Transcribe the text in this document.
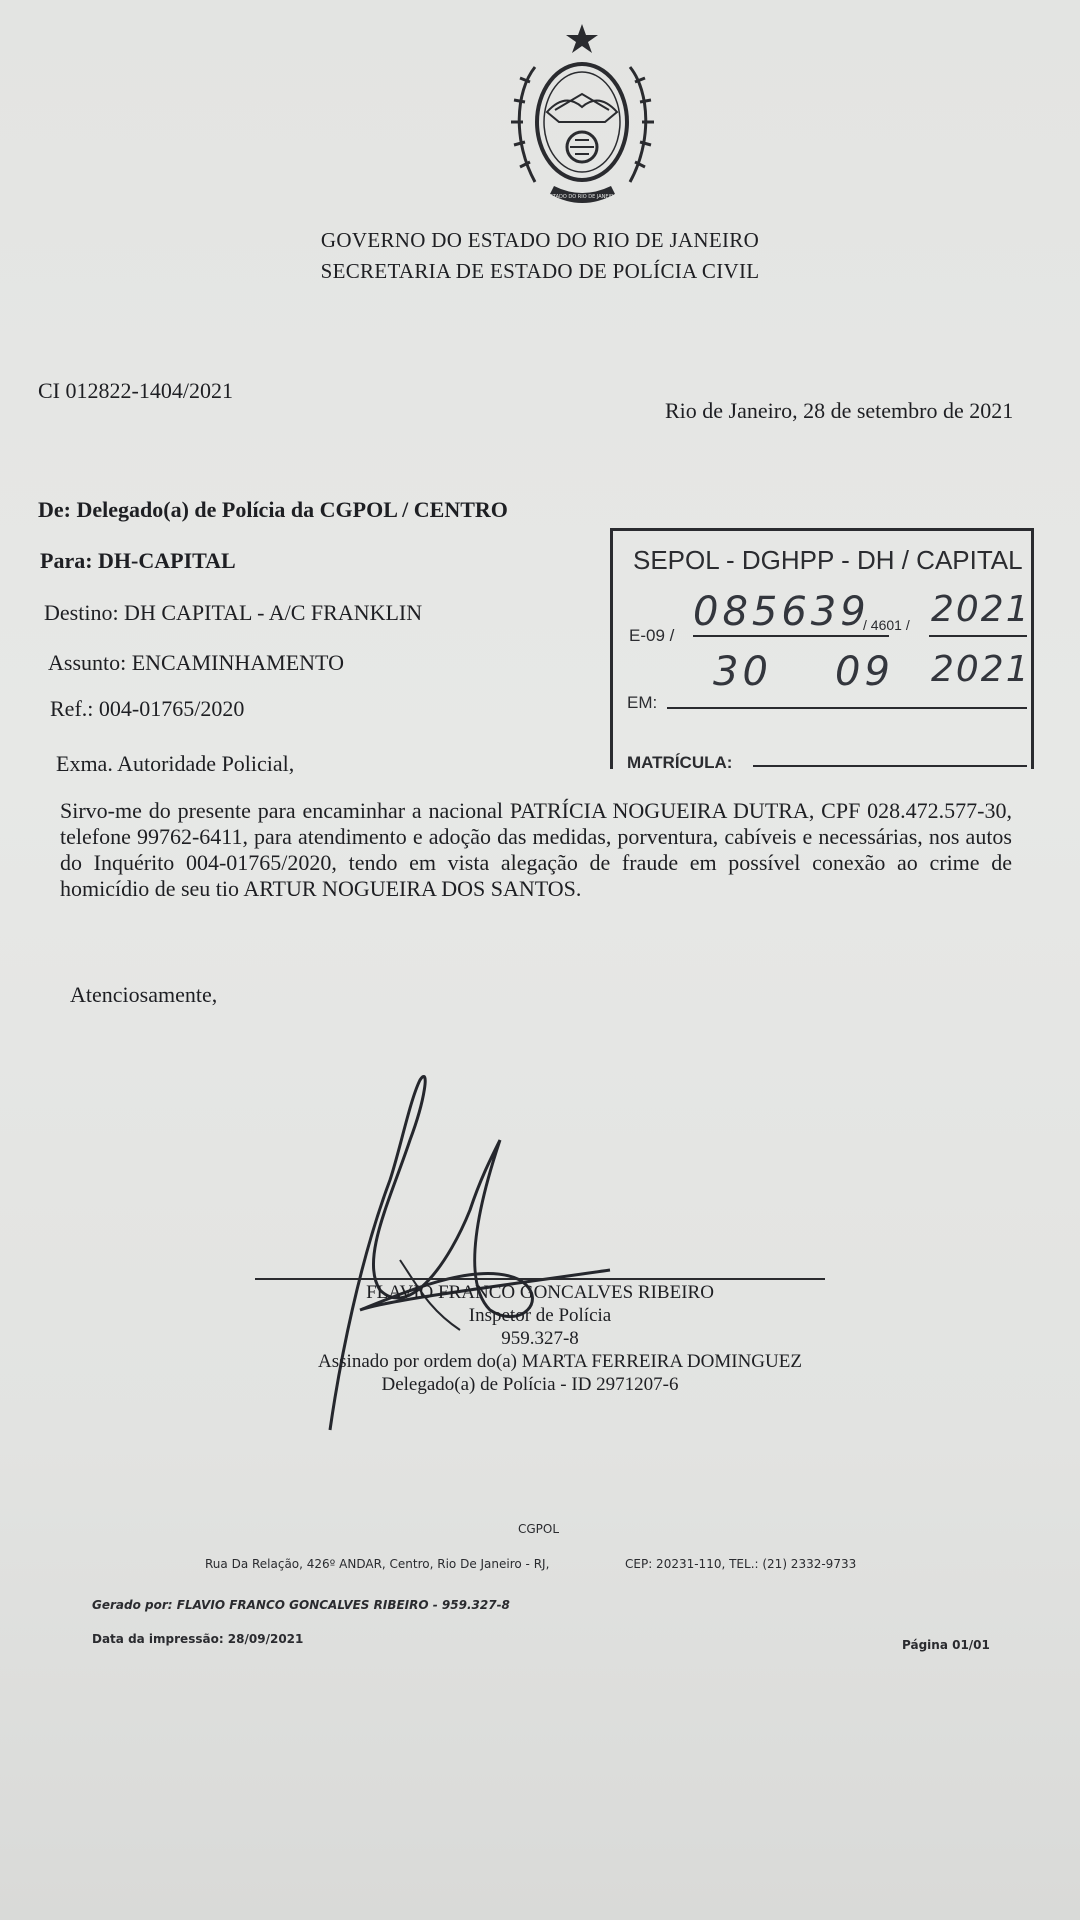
ESTADO DO RIO DE JANEIRO
GOVERNO DO ESTADO DO RIO DE JANEIRO
SECRETARIA DE ESTADO DE POLÍCIA CIVIL
CI 012822-1404/2021
Rio de Janeiro, 28 de setembro de 2021
De: Delegado(a) de Polícia da CGPOL / CENTRO
Para: DH-CAPITAL
Destino: DH CAPITAL - A/C FRANKLIN
Assunto: ENCAMINHAMENTO
Ref.: 004-01765/2020
Exma. Autoridade Policial,
SEPOL - DGHPP - DH / CAPITAL
E-09 /
085639
/ 4601 / 2021
EM:
30 09 2021
MATRÍCULA:
Sirvo-me do presente para encaminhar a nacional PATRÍCIA NOGUEIRA DUTRA, CPF 028.472.577-30, telefone 99762-6411, para atendimento e adoção das medidas, porventura, cabíveis e necessárias, nos autos do Inquérito 004-01765/2020, tendo em vista alegação de fraude em possível conexão ao crime de homicídio de seu tio ARTUR NOGUEIRA DOS SANTOS.
Atenciosamente,
FLAVIO FRANCO GONCALVES RIBEIRO
Inspetor de Polícia
959.327-8
Assinado por ordem do(a) MARTA FERREIRA DOMINGUEZ
Delegado(a) de Polícia - ID 2971207-6
CGPOL
Rua Da Relação, 426º ANDAR, Centro, Rio De Janeiro - RJ,	CEP: 20231-110, TEL.: (21) 2332-9733
Gerado por: FLAVIO FRANCO GONCALVES RIBEIRO - 959.327-8
Data da impressão: 28/09/2021	Página 01/01
